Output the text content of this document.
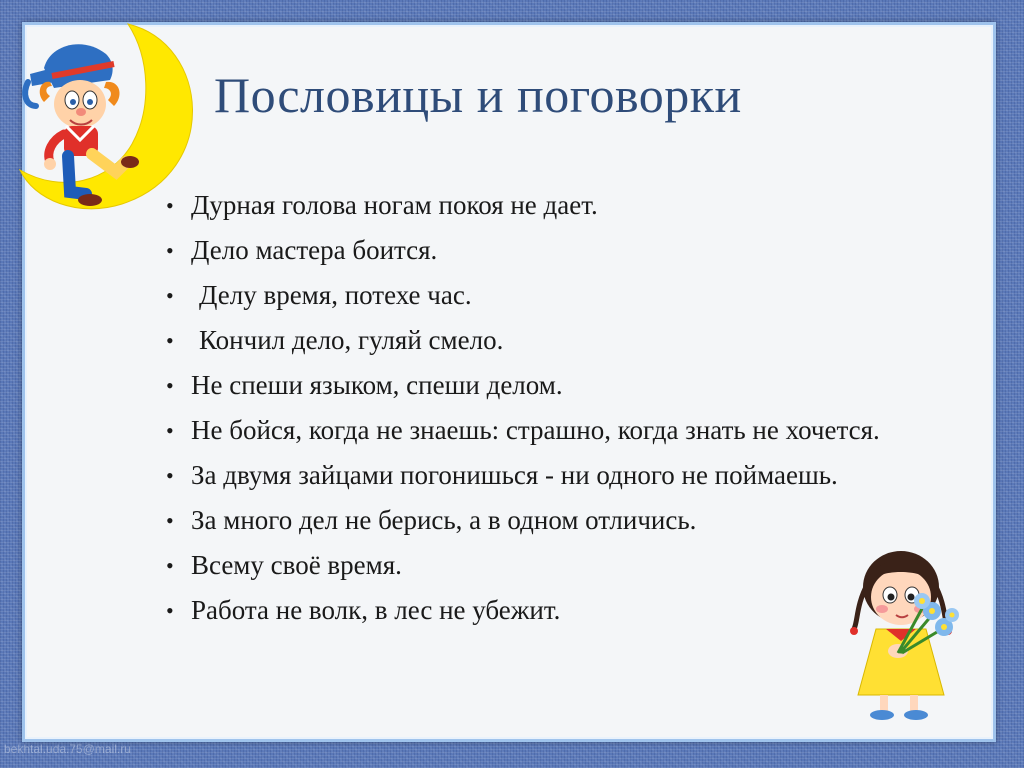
Пословицы и поговорки
• Дурная голова ногам покоя не дает.
• Дело мастера боится.
• Делу время, потехе час.
• Кончил дело, гуляй смело.
• Не спеши языком, спеши делом.
• Не бойся, когда не знаешь: страшно, когда знать не хочется.
• За двумя зайцами погонишься - ни одного не поймаешь.
• За много дел не берись, а в одном отличись.
• Всему своё время.
• Работа не волк, в лес не убежит.
bekhtal.uda.75@mail.ru
